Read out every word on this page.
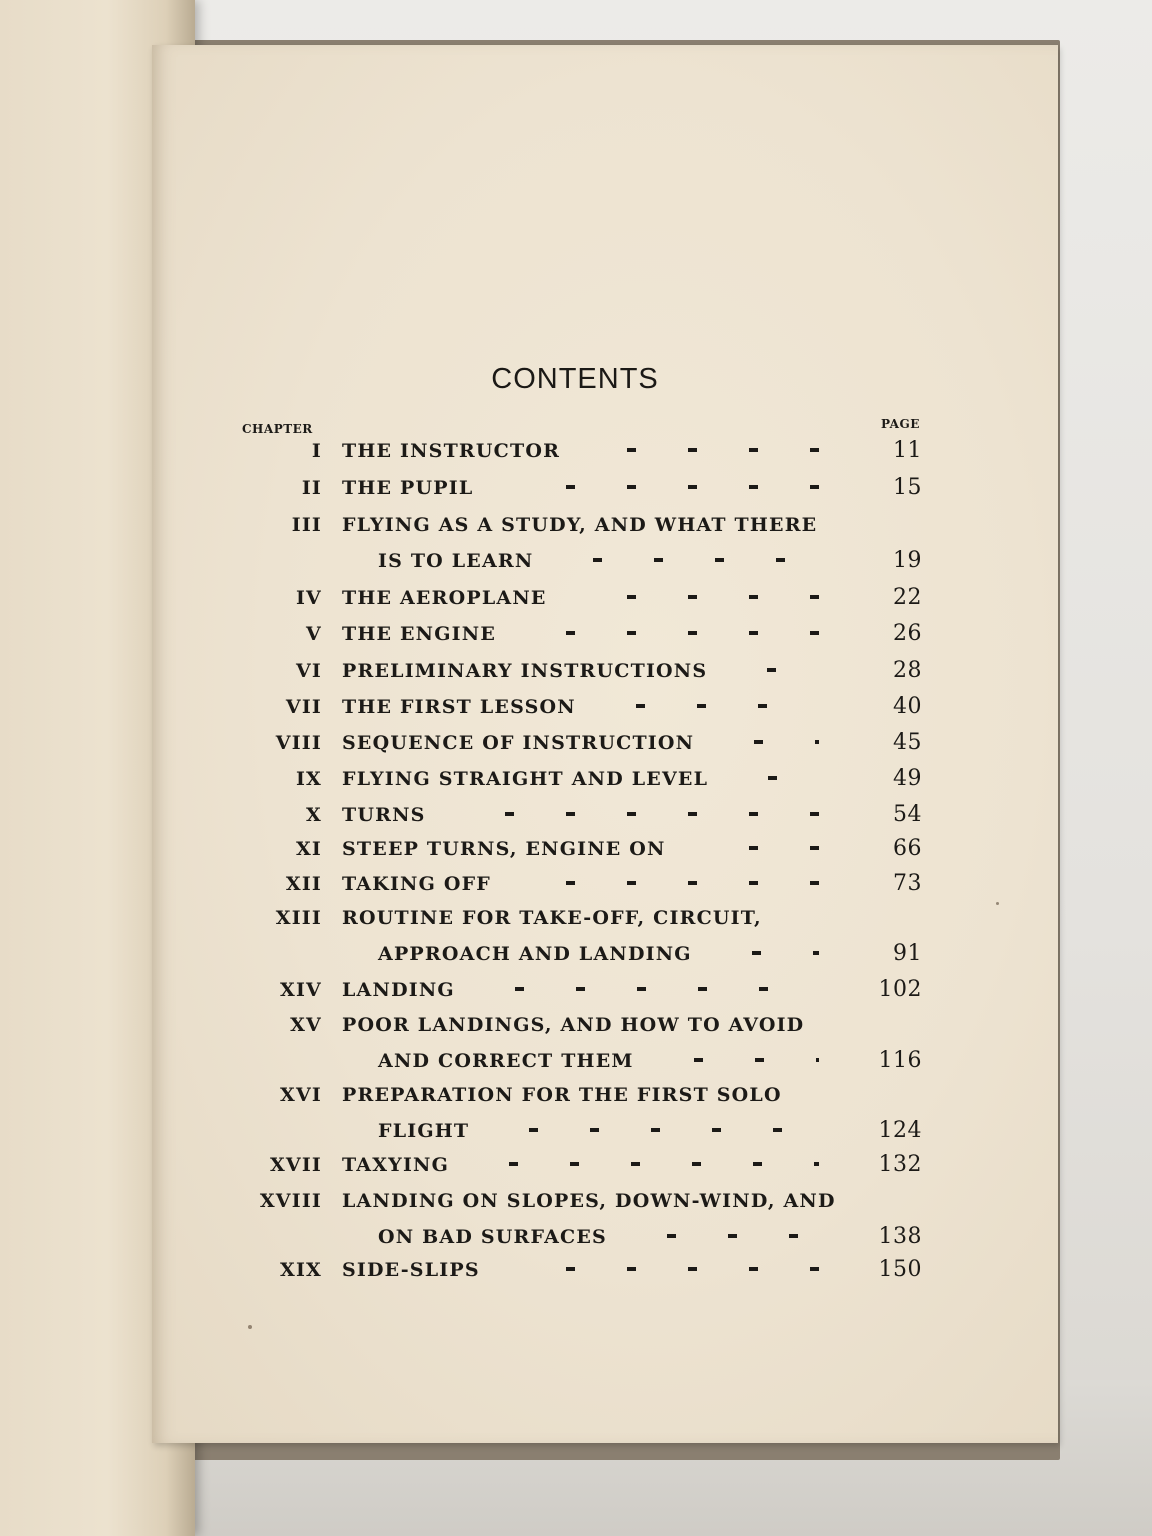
CONTENTS
CHAPTER	PAGE
I THE INSTRUCTOR	11
II THE PUPIL	15
III FLYING AS A STUDY, AND WHAT THERE
IS TO LEARN	19
IV THE AEROPLANE	22
V THE ENGINE	26
VI PRELIMINARY INSTRUCTIONS	28
VII THE FIRST LESSON	40
VIII SEQUENCE OF INSTRUCTION	45
IX FLYING STRAIGHT AND LEVEL	49
X TURNS	54
XI STEEP TURNS, ENGINE ON	66
XII TAKING OFF	73
XIII ROUTINE FOR TAKE-OFF, CIRCUIT,
APPROACH AND LANDING	91
XIV LANDING	102
XV POOR LANDINGS, AND HOW TO AVOID
AND CORRECT THEM	116
XVI PREPARATION FOR THE FIRST SOLO
FLIGHT	124
XVII TAXYING	132
XVIII LANDING ON SLOPES, DOWN-WIND, AND
ON BAD SURFACES	138
XIX SIDE-SLIPS	150
